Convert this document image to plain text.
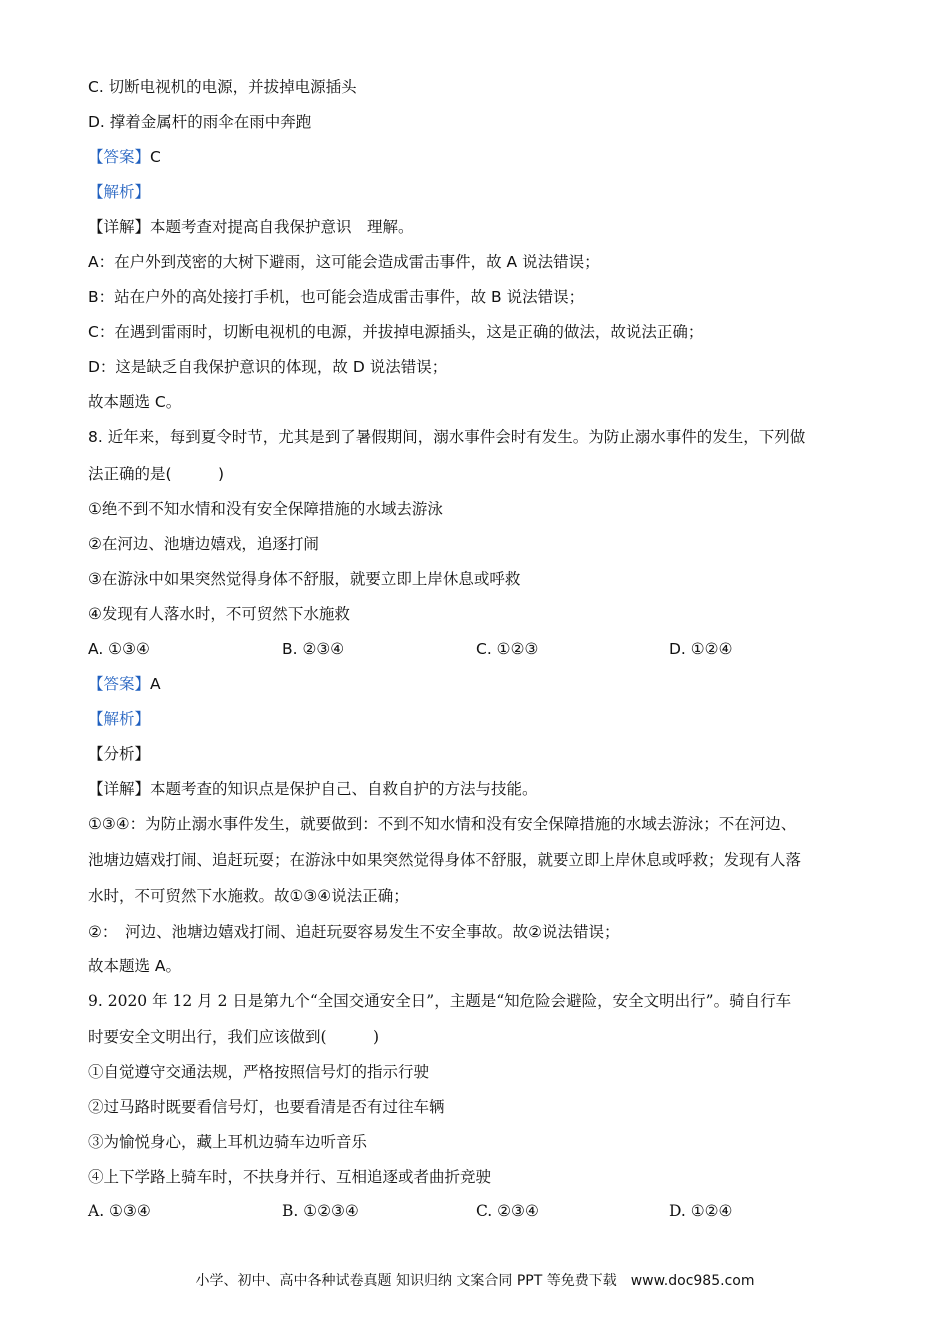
C. 切断电视机的电源，并拔掉电源插头
D. 撑着金属杆的雨伞在雨中奔跑
【答案】C
【解析】
【详解】本题考查对提高自我保护意识　理解。
A：在户外到茂密的大树下避雨，这可能会造成雷击事件，故 A 说法错误；
B：站在户外的高处接打手机，也可能会造成雷击事件，故 B 说法错误；
C：在遇到雷雨时，切断电视机的电源，并拔掉电源插头，这是正确的做法，故说法正确；
D：这是缺乏自我保护意识的体现，故 D 说法错误；
故本题选 C。
8. 近年来，每到夏令时节，尤其是到了暑假期间，溺水事件会时有发生。为防止溺水事件的发生，下列做
法正确的是(　　　)
①绝不到不知水情和没有安全保障措施的水域去游泳
②在河边、池塘边嬉戏，追逐打闹
③在游泳中如果突然觉得身体不舒服，就要立即上岸休息或呼救
④发现有人落水时，不可贸然下水施救
A. ①③④	B. ②③④	C. ①②③	D. ①②④
【答案】A
【解析】
【分析】
【详解】本题考查的知识点是保护自己、自救自护的方法与技能。
①③④：为防止溺水事件发生，就要做到：不到不知水情和没有安全保障措施的水域去游泳；不在河边、
池塘边嬉戏打闹、追赶玩耍；在游泳中如果突然觉得身体不舒服，就要立即上岸休息或呼救；发现有人落
水时，不可贸然下水施救。故①③④说法正确；
②：　河边、池塘边嬉戏打闹、追赶玩耍容易发生不安全事故。故②说法错误；
故本题选 A。
9. 2020 年 12 月 2 日是第九个“全国交通安全日”，主题是“知危险会避险，安全文明出行”。骑自行车
时要安全文明出行，我们应该做到(　　　)
①自觉遵守交通法规，严格按照信号灯的指示行驶
②过马路时既要看信号灯，也要看清是否有过往车辆
③为愉悦身心，藏上耳机边骑车边听音乐
④上下学路上骑车时，不扶身并行、互相追逐或者曲折竞驶
A. ①③④	B. ①②③④	C. ②③④	D. ①②④
小学、初中、高中各种试卷真题 知识归纳 文案合同 PPT 等免费下载　www.doc985.com
